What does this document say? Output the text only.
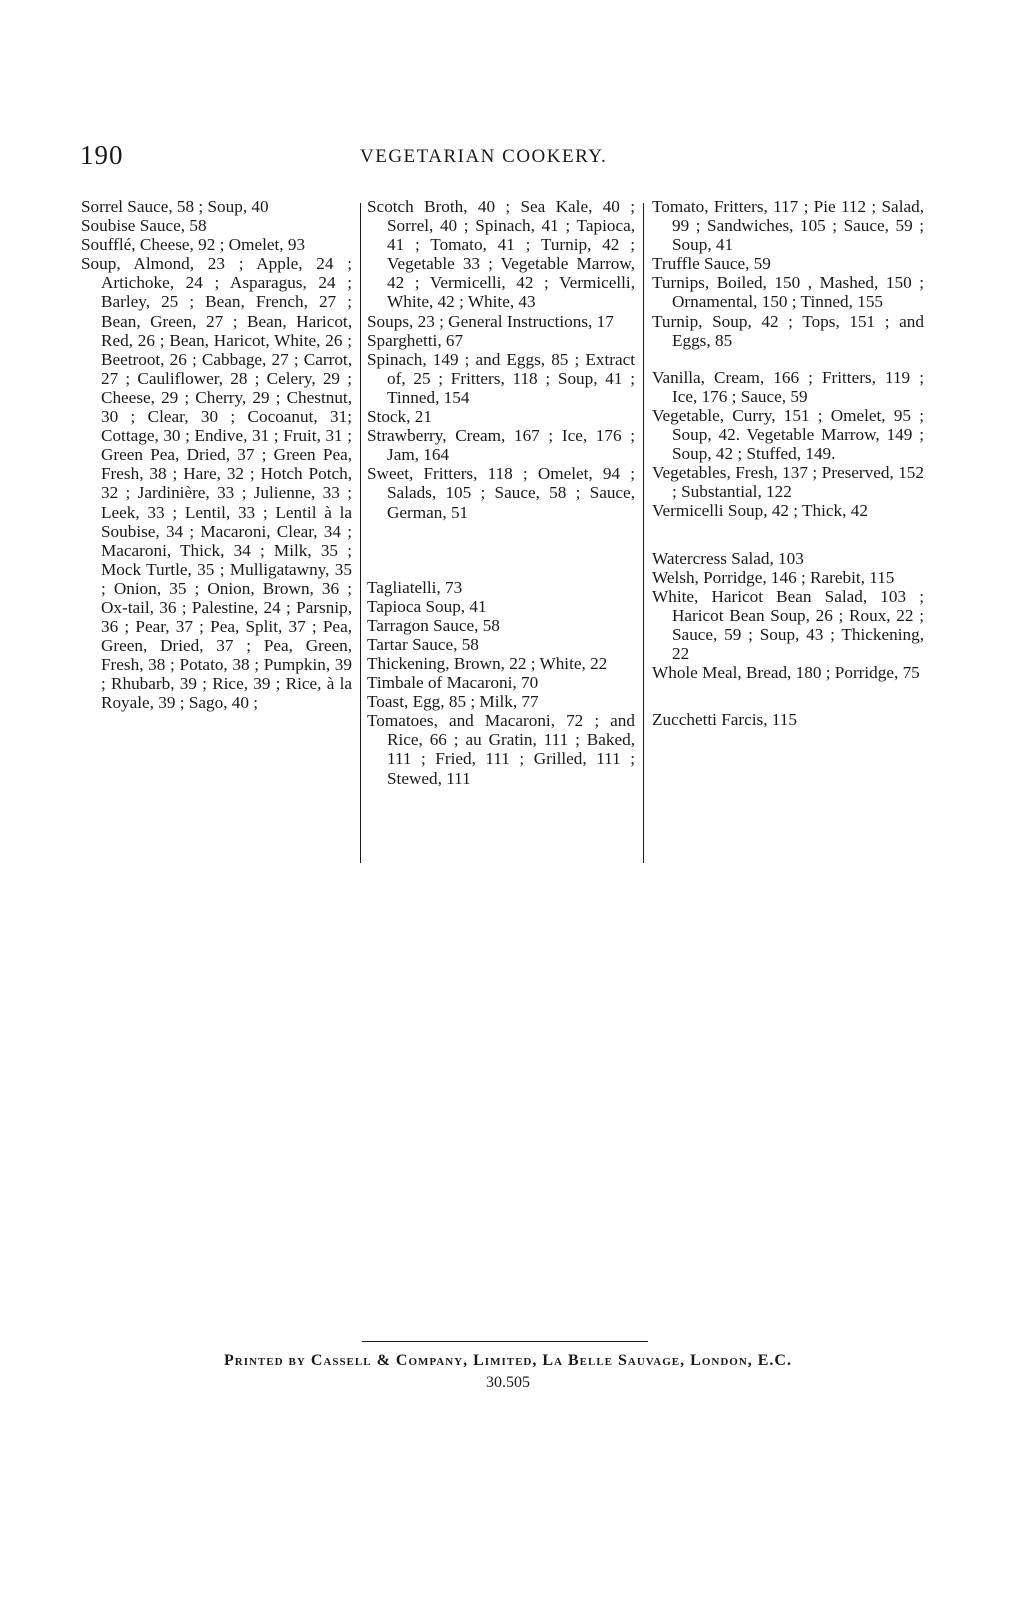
190	VEGETARIAN COOKERY.

Sorrel Sauce, 58 ; Soup, 40

Soubise Sauce, 58

Soufflé, Cheese, 92 ; Omelet, 93

Soup, Almond, 23 ; Apple, 24 ; Artichoke, 24 ; Asparagus, 24 ; Barley, 25 ; Bean, French, 27 ; Bean, Green, 27 ; Bean, Haricot, Red, 26 ; Bean, Haricot, White, 26 ; Beetroot, 26 ; Cabbage, 27 ; Carrot, 27 ; Cauliflower, 28 ; Celery, 29 ; Cheese, 29 ; Cherry, 29 ; Chestnut, 30 ; Clear, 30 ; Cocoanut, 31; Cottage, 30 ; Endive, 31 ; Fruit, 31 ; Green Pea, Dried, 37 ; Green Pea, Fresh, 38 ; Hare, 32 ; Hotch Potch, 32 ; Jardinière, 33 ; Julienne, 33 ; Leek, 33 ; Lentil, 33 ; Lentil à la Soubise, 34 ; Macaroni, Clear, 34 ; Macaroni, Thick, 34 ; Milk, 35 ; Mock Turtle, 35 ; Mulligatawny, 35 ; Onion, 35 ; Onion, Brown, 36 ; Ox-tail, 36 ; Palestine, 24 ; Parsnip, 36 ; Pear, 37 ; Pea, Split, 37 ; Pea, Green, Dried, 37 ; Pea, Green, Fresh, 38 ; Potato, 38 ; Pumpkin, 39 ; Rhubarb, 39 ; Rice, 39 ; Rice, à la Royale, 39 ; Sago, 40 ;

Scotch Broth, 40 ; Sea Kale, 40 ; Sorrel, 40 ; Spinach, 41 ; Tapioca, 41 ; Tomato, 41 ; Turnip, 42 ; Vegetable 33 ; Vegetable Marrow, 42 ; Vermicelli, 42 ; Vermicelli, White, 42 ; White, 43

Soups, 23 ; General Instructions, 17

Sparghetti, 67

Spinach, 149 ; and Eggs, 85 ; Extract of, 25 ; Fritters, 118 ; Soup, 41 ; Tinned, 154

Stock, 21

Strawberry, Cream, 167 ; Ice, 176 ; Jam, 164

Sweet, Fritters, 118 ; Omelet, 94 ; Salads, 105 ; Sauce, 58 ; Sauce, German, 51

Tagliatelli, 73

Tapioca Soup, 41

Tarragon Sauce, 58

Tartar Sauce, 58

Thickening, Brown, 22 ; White, 22

Timbale of Macaroni, 70

Toast, Egg, 85 ; Milk, 77

Tomatoes, and Macaroni, 72 ; and Rice, 66 ; au Gratin, 111 ; Baked, 111 ; Fried, 111 ; Grilled, 111 ; Stewed, 111

Tomato, Fritters, 117 ; Pie 112 ; Salad, 99 ; Sandwiches, 105 ; Sauce, 59 ; Soup, 41

Truffle Sauce, 59

Turnips, Boiled, 150 , Mashed, 150 ; Ornamental, 150 ; Tinned, 155

Turnip, Soup, 42 ; Tops, 151 ; and Eggs, 85

Vanilla, Cream, 166 ; Fritters, 119 ; Ice, 176 ; Sauce, 59

Vegetable, Curry, 151 ; Omelet, 95 ; Soup, 42. Vegetable Marrow, 149 ; Soup, 42 ; Stuffed, 149.

Vegetables, Fresh, 137 ; Preserved, 152 ; Substantial, 122

Vermicelli Soup, 42 ; Thick, 42

Watercress Salad, 103

Welsh, Porridge, 146 ; Rarebit, 115

White, Haricot Bean Salad, 103 ; Haricot Bean Soup, 26 ; Roux, 22 ; Sauce, 59 ; Soup, 43 ; Thickening, 22

Whole Meal, Bread, 180 ; Porridge, 75

Zucchetti Farcis, 115

Printed by Cassell & Company, Limited, La Belle Sauvage, London, E.C.
30.505
